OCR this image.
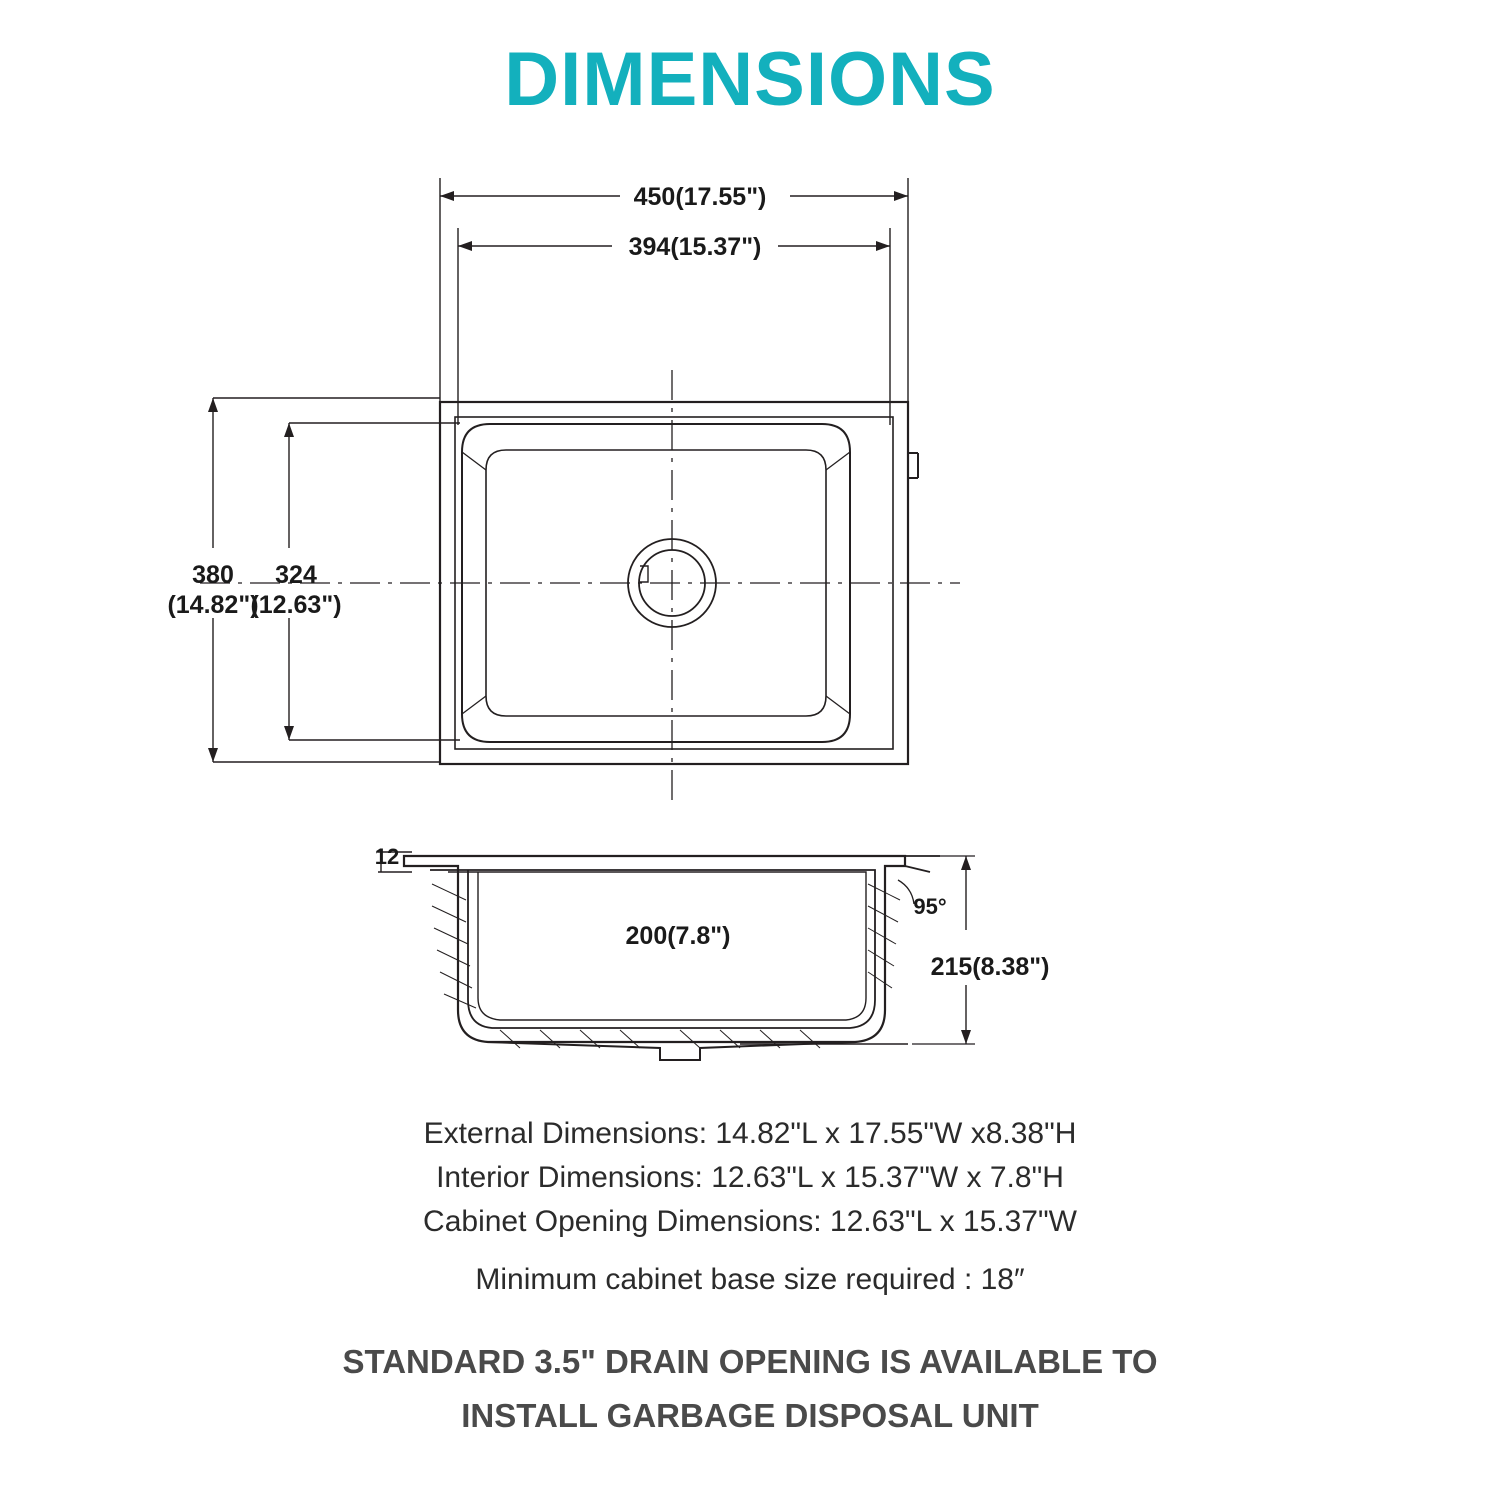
DIMENSIONS
450(17.55")
394(15.37")
380
(14.82")
324
(12.63")
12
200(7.8")
215(8.38")
95°
External Dimensions: 14.82"L x 17.55"W x8.38"H
Interior Dimensions: 12.63"L x 15.37"W x 7.8"H
Cabinet Opening Dimensions: 12.63"L x 15.37"W
Minimum cabinet base size required : 18″
STANDARD 3.5" DRAIN OPENING IS AVAILABLE TO
INSTALL GARBAGE DISPOSAL UNIT
